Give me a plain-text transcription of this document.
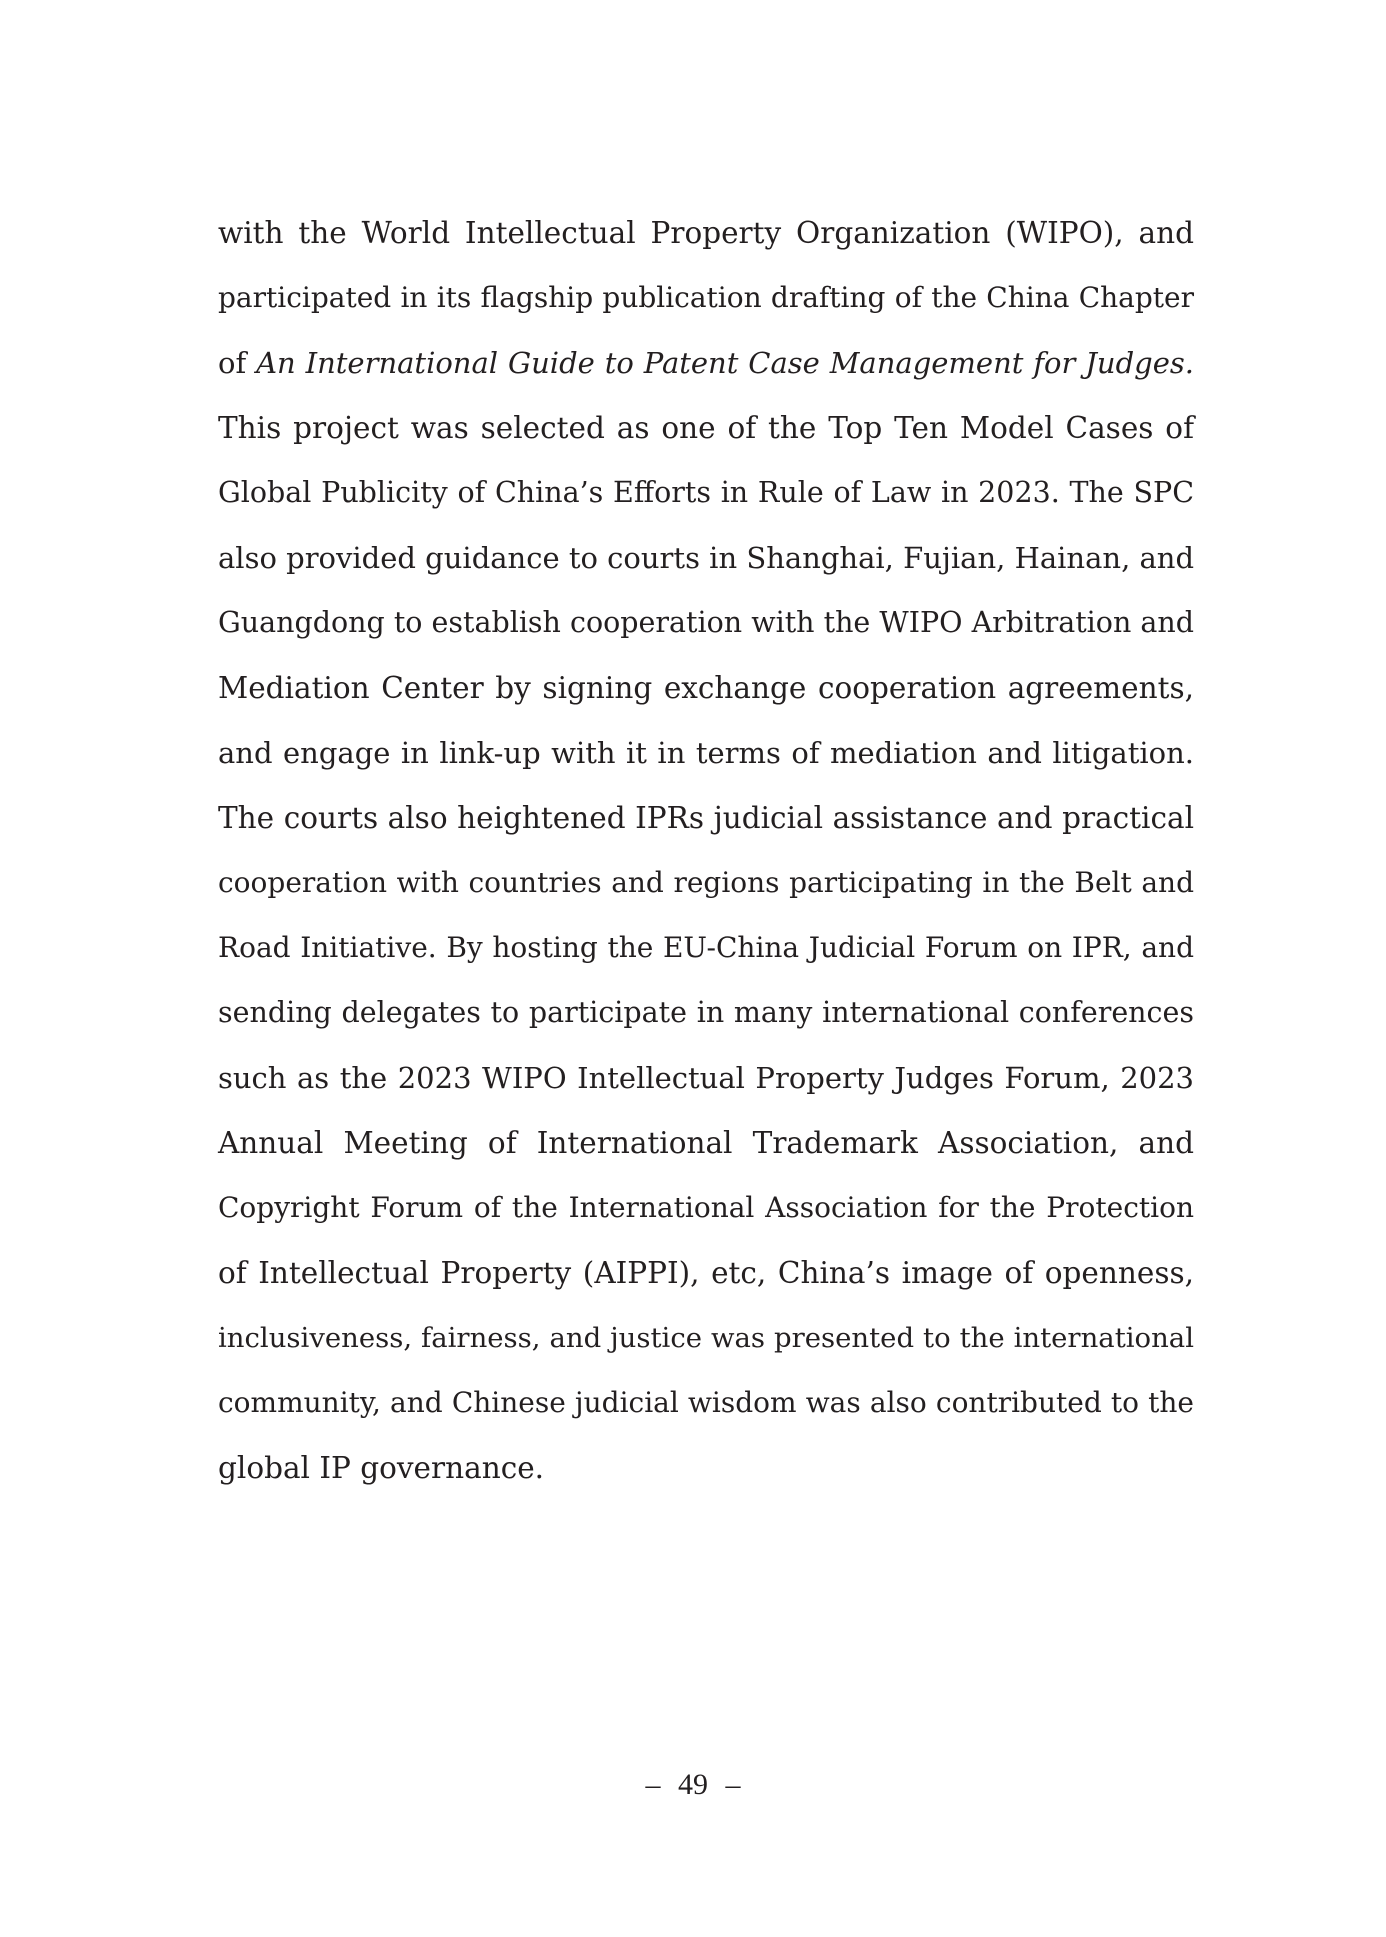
with the World Intellectual Property Organization (WIPO), and
participated in its flagship publication drafting of the China Chapter
of An International Guide to Patent Case Management for Judges.
This project was selected as one of the Top Ten Model Cases of
Global Publicity of China’s Efforts in Rule of Law in 2023. The SPC
also provided guidance to courts in Shanghai, Fujian, Hainan, and
Guangdong to establish cooperation with the WIPO Arbitration and
Mediation Center by signing exchange cooperation agreements,
and engage in link-up with it in terms of mediation and litigation.
The courts also heightened IPRs judicial assistance and practical
cooperation with countries and regions participating in the Belt and
Road Initiative. By hosting the EU-China Judicial Forum on IPR, and
sending delegates to participate in many international conferences
such as the 2023 WIPO Intellectual Property Judges Forum, 2023
Annual Meeting of International Trademark Association, and
Copyright Forum of the International Association for the Protection
of Intellectual Property (AIPPI), etc, China’s image of openness,
inclusiveness, fairness, and justice was presented to the international
community, and Chinese judicial wisdom was also contributed to the
global IP governance.
– 49 –
